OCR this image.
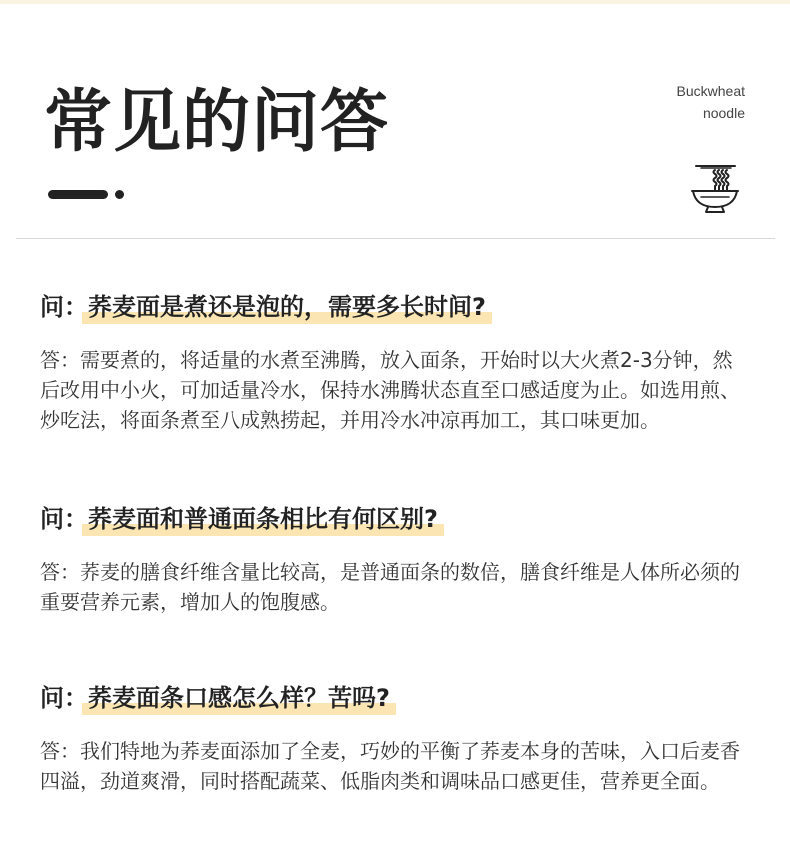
常见的问答	Buckwheat
noodle
问：荞麦面是煮还是泡的，需要多长时间?

答：需要煮的，将适量的水煮至沸腾，放入面条，开始时以大火煮2-3分钟，然后改用中小火，可加适量冷水，保持水沸腾状态直至口感适度为止。如选用煎、炒吃法，将面条煮至八成熟捞起，并用冷水冲凉再加工，其口味更加。

问：荞麦面和普通面条相比有何区别?

答：荞麦的膳食纤维含量比较高，是普通面条的数倍，膳食纤维是人体所必须的重要营养元素，增加人的饱腹感。

问：荞麦面条口感怎么样？苦吗?

答：我们特地为荞麦面添加了全麦，巧妙的平衡了荞麦本身的苦味，入口后麦香四溢，劲道爽滑，同时搭配蔬菜、低脂肉类和调味品口感更佳，营养更全面。
